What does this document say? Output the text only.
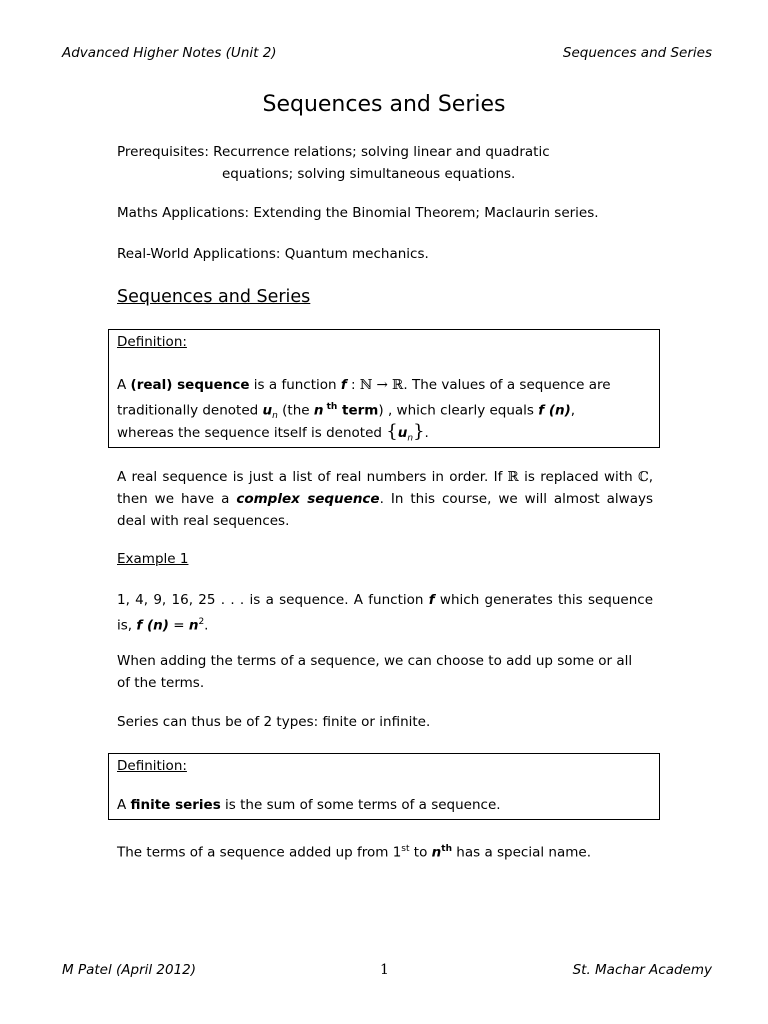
Advanced Higher Notes (Unit 2)	Sequences and Series
Sequences and Series
Prerequisites: Recurrence relations; solving linear and quadratic
equations; solving simultaneous equations.
Maths Applications: Extending the Binomial Theorem; Maclaurin series.
Real-World Applications: Quantum mechanics.
Sequences and Series
Definition:
A (real) sequence is a function f : ℕ → ℝ. The values of a sequence are
traditionally denoted $u_n$ (the n $^{th}$ term) , which clearly equals f (n),
whereas the sequence itself is denoted $\{u_n\}$.
A real sequence is just a list of real numbers in order. If ℝ is replaced with ℂ, then we have a complex sequence. In this course, we will almost always deal with real sequences.
Example 1
1, 4, 9, 16, 25 . . . is a sequence. A function f which generates this sequence is, f $(n) = n^2$.
When adding the terms of a sequence, we can choose to add up some or all of the terms.
Series can thus be of 2 types: finite or infinite.
Definition:
A finite series is the sum of some terms of a sequence.
The terms of a sequence added up from 1st to $n^{th}$ has a special name.
M Patel (April 2012)	1	St. Machar Academy
